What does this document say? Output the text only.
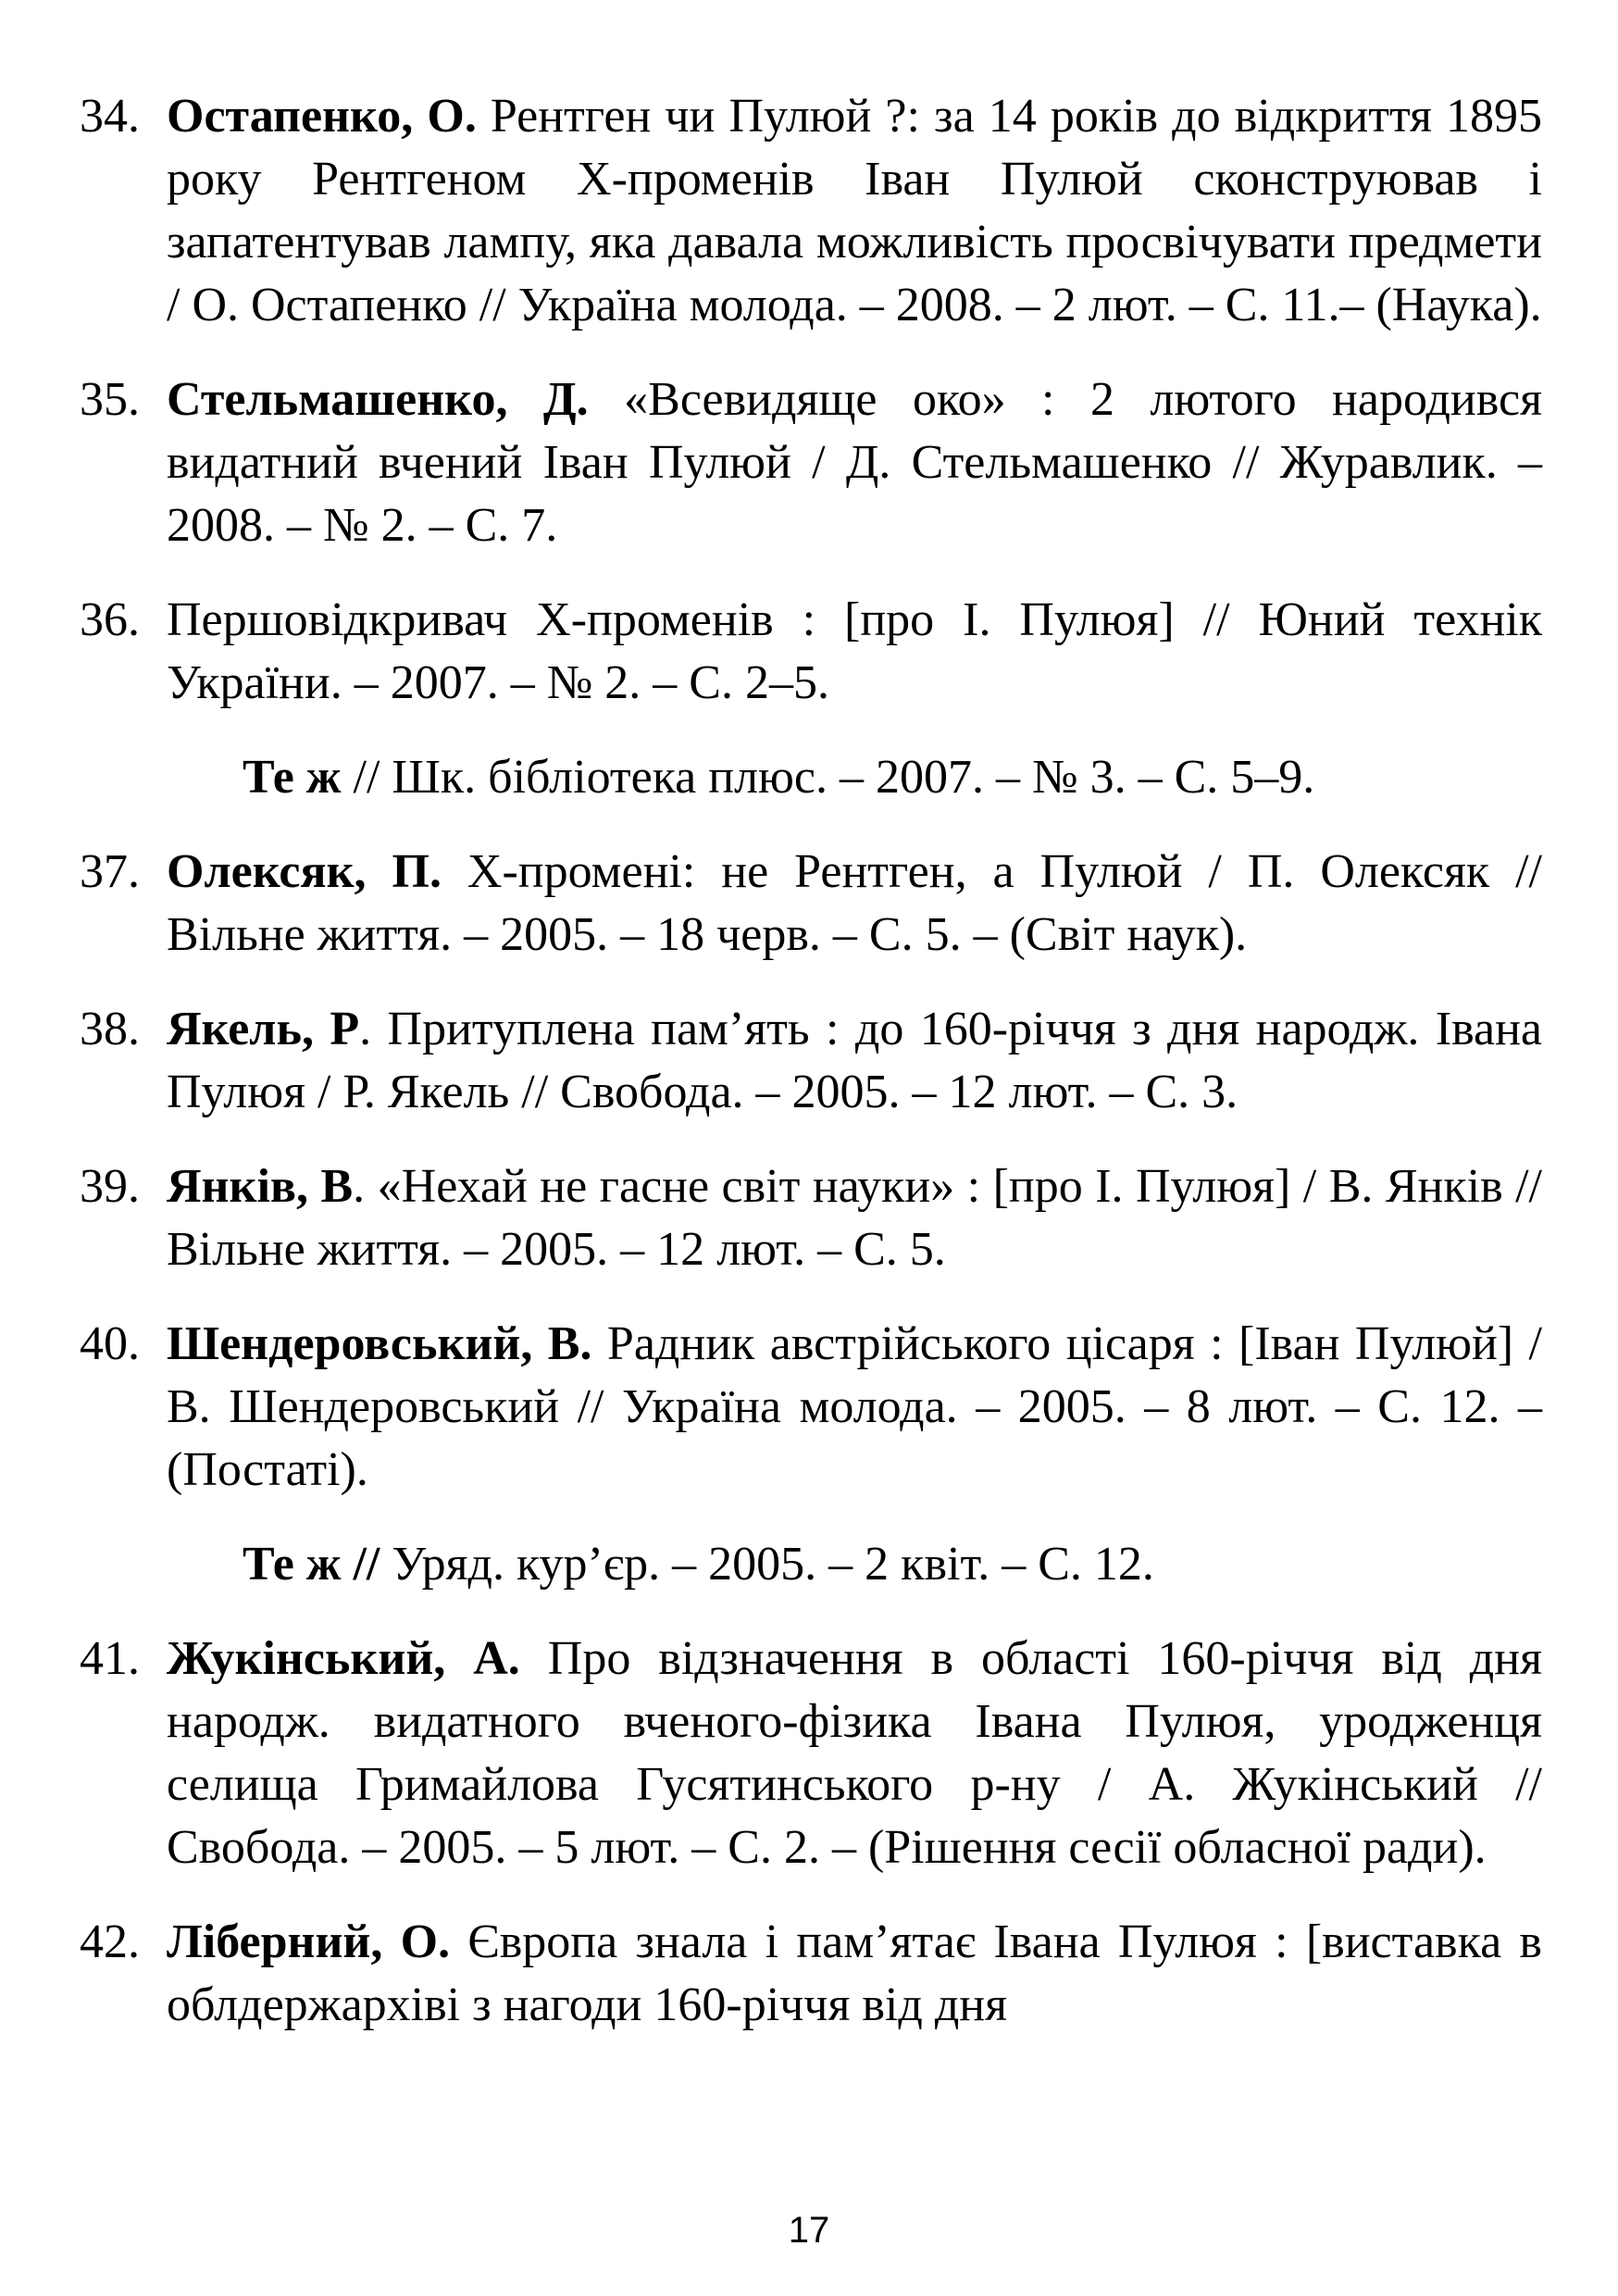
34. Остапенко, О. Рентген чи Пулюй ?: за 14 років до відкриття 1895 року Рентгеном Х-променів Іван Пулюй сконструював і запатентував лампу, яка давала можливість просвічувати предмети / О. Остапенко // Україна молода. – 2008. – 2 лют. – С. 11.– (Наука).
35. Стельмашенко, Д. «Всевидяще око» : 2 лютого народився видатний вчений Іван Пулюй / Д. Стельмашенко // Журавлик. – 2008. – № 2. – С. 7.
36. Першовідкривач Х-променів : [про І. Пулюя] // Юний технік України. – 2007. – № 2. – С. 2–5.
Те ж // Шк. бібліотека плюс. – 2007. – № 3. – С. 5–9.
37. Олексяк, П. Х-промені: не Рентген, а Пулюй / П. Олексяк // Вільне життя. – 2005. – 18 черв. – С. 5. – (Світ наук).
38. Якель, Р. Притуплена пам’ять : до 160-річчя з дня народж. Івана Пулюя / Р. Якель // Свобода. – 2005. – 12 лют. – С. 3.
39. Янків, В. «Нехай не гасне світ науки» : [про І. Пулюя] / В. Янків // Вільне життя. – 2005. – 12 лют. – С. 5.
40. Шендеровський, В. Радник австрійського цісаря : [Іван Пулюй] / В. Шендеровський // Україна молода. – 2005. – 8 лют. – С. 12. – (Постаті).
Те ж // Уряд. кур’єр. – 2005. – 2 квіт. – С. 12.
41. Жукінський, А. Про відзначення в області 160-річчя від дня народж. видатного вченого-фізика Івана Пулюя, уродженця селища Гримайлова Гусятинського р-ну / А. Жукінський // Свобода. – 2005. – 5 лют. – С. 2. – (Рішення сесії обласної ради).
42. Ліберний, О. Європа знала і пам’ятає Івана Пулюя : [виставка в облдержархіві з нагоди 160-річчя від дня
17
